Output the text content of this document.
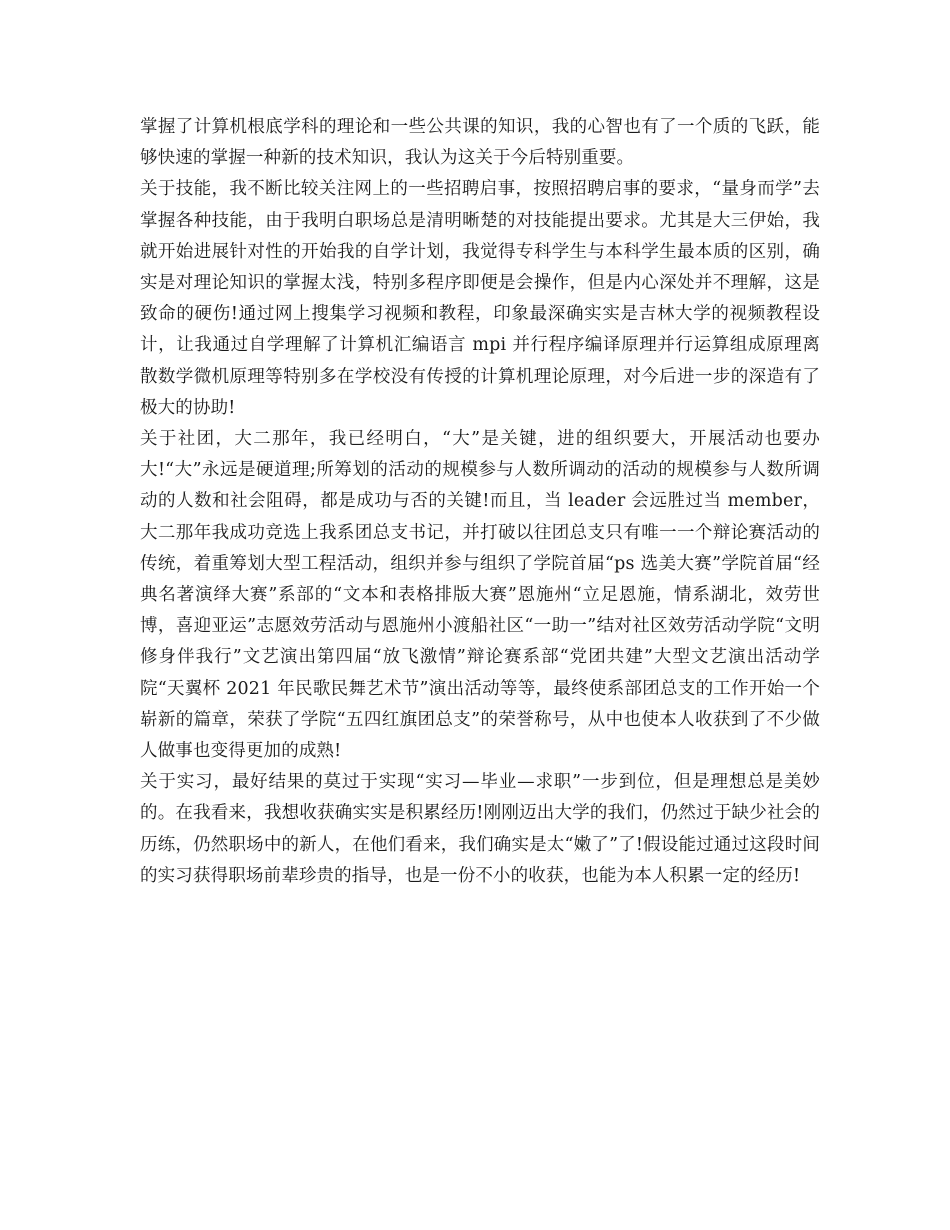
掌握了计算机根底学科的理论和一些公共课的知识，我的心智也有了一个质的飞跃，能够快速的掌握一种新的技术知识，我认为这关于今后特别重要。

关于技能，我不断比较关注网上的一些招聘启事，按照招聘启事的要求，“量身而学”去掌握各种技能，由于我明白职场总是清明晰楚的对技能提出要求。尤其是大三伊始，我就开始进展针对性的开始我的自学计划，我觉得专科学生与本科学生最本质的区别，确实是对理论知识的掌握太浅，特别多程序即便是会操作，但是内心深处并不理解，这是致命的硬伤!通过网上搜集学习视频和教程，印象最深确实实是吉林大学的视频教程设计，让我通过自学理解了计算机汇编语言 mpi 并行程序编译原理并行运算组成原理离散数学微机原理等特别多在学校没有传授的计算机理论原理，对今后进一步的深造有了极大的协助!

关于社团，大二那年，我已经明白，“大”是关键，进的组织要大，开展活动也要办大!“大”永远是硬道理;所筹划的活动的规模参与人数所调动的活动的规模参与人数所调动的人数和社会阻碍，都是成功与否的关键!而且，当 leader 会远胜过当 member，大二那年我成功竞选上我系团总支书记，并打破以往团总支只有唯一一个辩论赛活动的传统，着重筹划大型工程活动，组织并参与组织了学院首届“ps 选美大赛”学院首届“经典名著演绎大赛”系部的“文本和表格排版大赛”恩施州“立足恩施，情系湖北，效劳世博，喜迎亚运”志愿效劳活动与恩施州小渡船社区“一助一”结对社区效劳活动学院“文明修身伴我行”文艺演出第四届“放飞激情”辩论赛系部“党团共建”大型文艺演出活动学院“天翼杯 2021 年民歌民舞艺术节”演出活动等等，最终使系部团总支的工作开始一个崭新的篇章，荣获了学院“五四红旗团总支”的荣誉称号，从中也使本人收获到了不少做人做事也变得更加的成熟!

关于实习，最好结果的莫过于实现“实习—毕业—求职”一步到位，但是理想总是美妙的。在我看来，我想收获确实实是积累经历!刚刚迈出大学的我们，仍然过于缺少社会的历练，仍然职场中的新人，在他们看来，我们确实是太“嫩了”了!假设能过通过这段时间的实习获得职场前辈珍贵的指导，也是一份不小的收获，也能为本人积累一定的经历!
